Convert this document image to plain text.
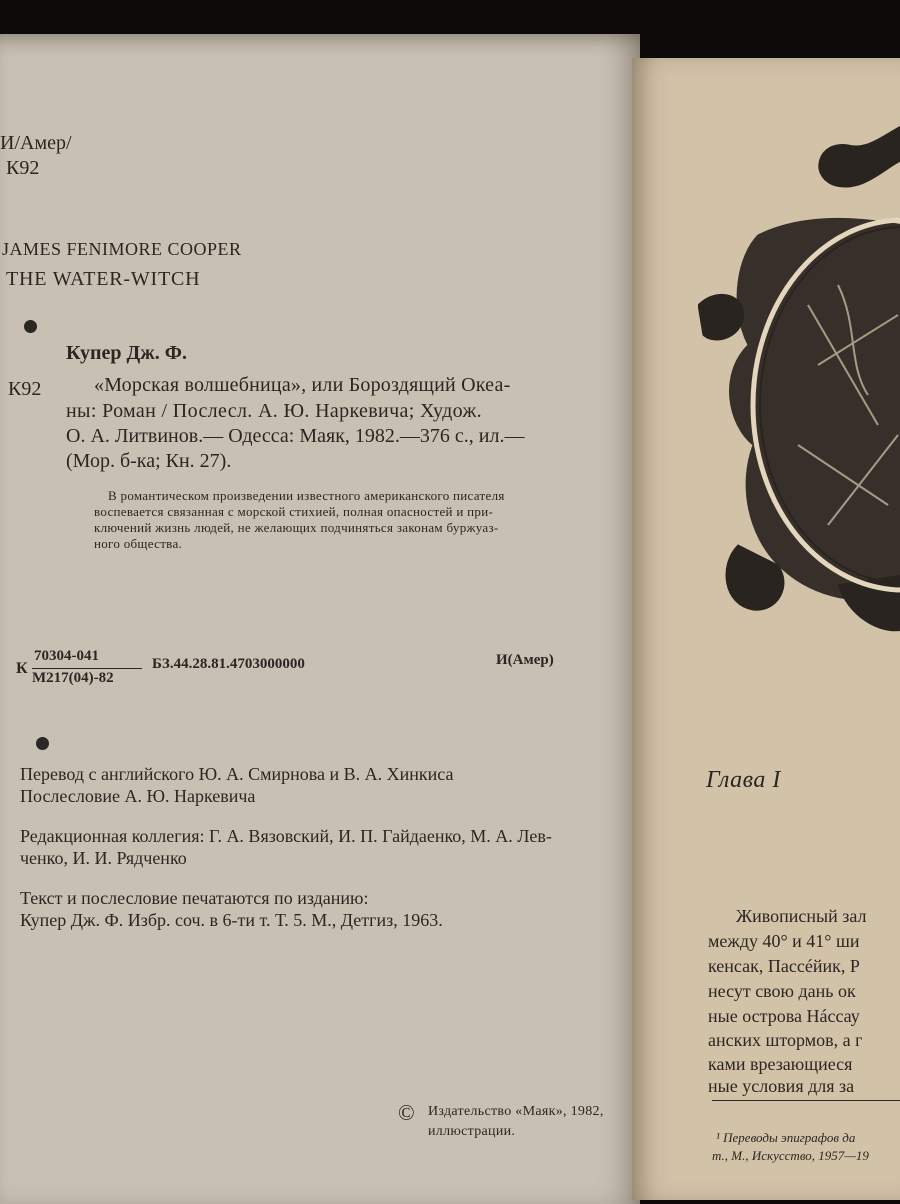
И/Амер/

К92

JAMES FENIMORE COOPER

THE WATER-WITCH

Купер Дж. Ф.

К92	«Морская волшебница», или Бороздящий Океа-

ны: Роман / Послесл. А. Ю. Наркевича; Худож.

О. А. Литвинов.— Одесса: Маяк, 1982.—376 с., ил.—

(Мор. б-ка; Кн. 27).

В романтическом произведении известного американского писателя

воспевается связанная с морской стихией, полная опасностей и при-

ключений жизнь людей, не желающих подчиняться законам буржуаз-

ного общества.

К

70304-041

М217(04)-82

БЗ.44.28.81.4703000000	И(Амер)

Перевод с английского Ю. А. Смирнова и В. А. Хинкиса

Послесловие А. Ю. Наркевича

Редакционная коллегия: Г. А. Вязовский, И. П. Гайдаенко, М. А. Лев-

ченко, И. И. Рядченко

Текст и послесловие печатаются по изданию:

Купер Дж. Ф. Избр. соч. в 6-ти т. Т. 5. М., Детгиз, 1963.

© Издательство «Маяк», 1982,

иллюстрации.

Глава I

Живописный зал

между 40° и 41° ши

кенсак, Пассéйик, Р

несут свою дань ок

ные острова Нáссау

анских штормов, а г

ками врезающиеся

ные условия для за

¹ Переводы эпиграфов да

т., М., Искусство, 1957—19
